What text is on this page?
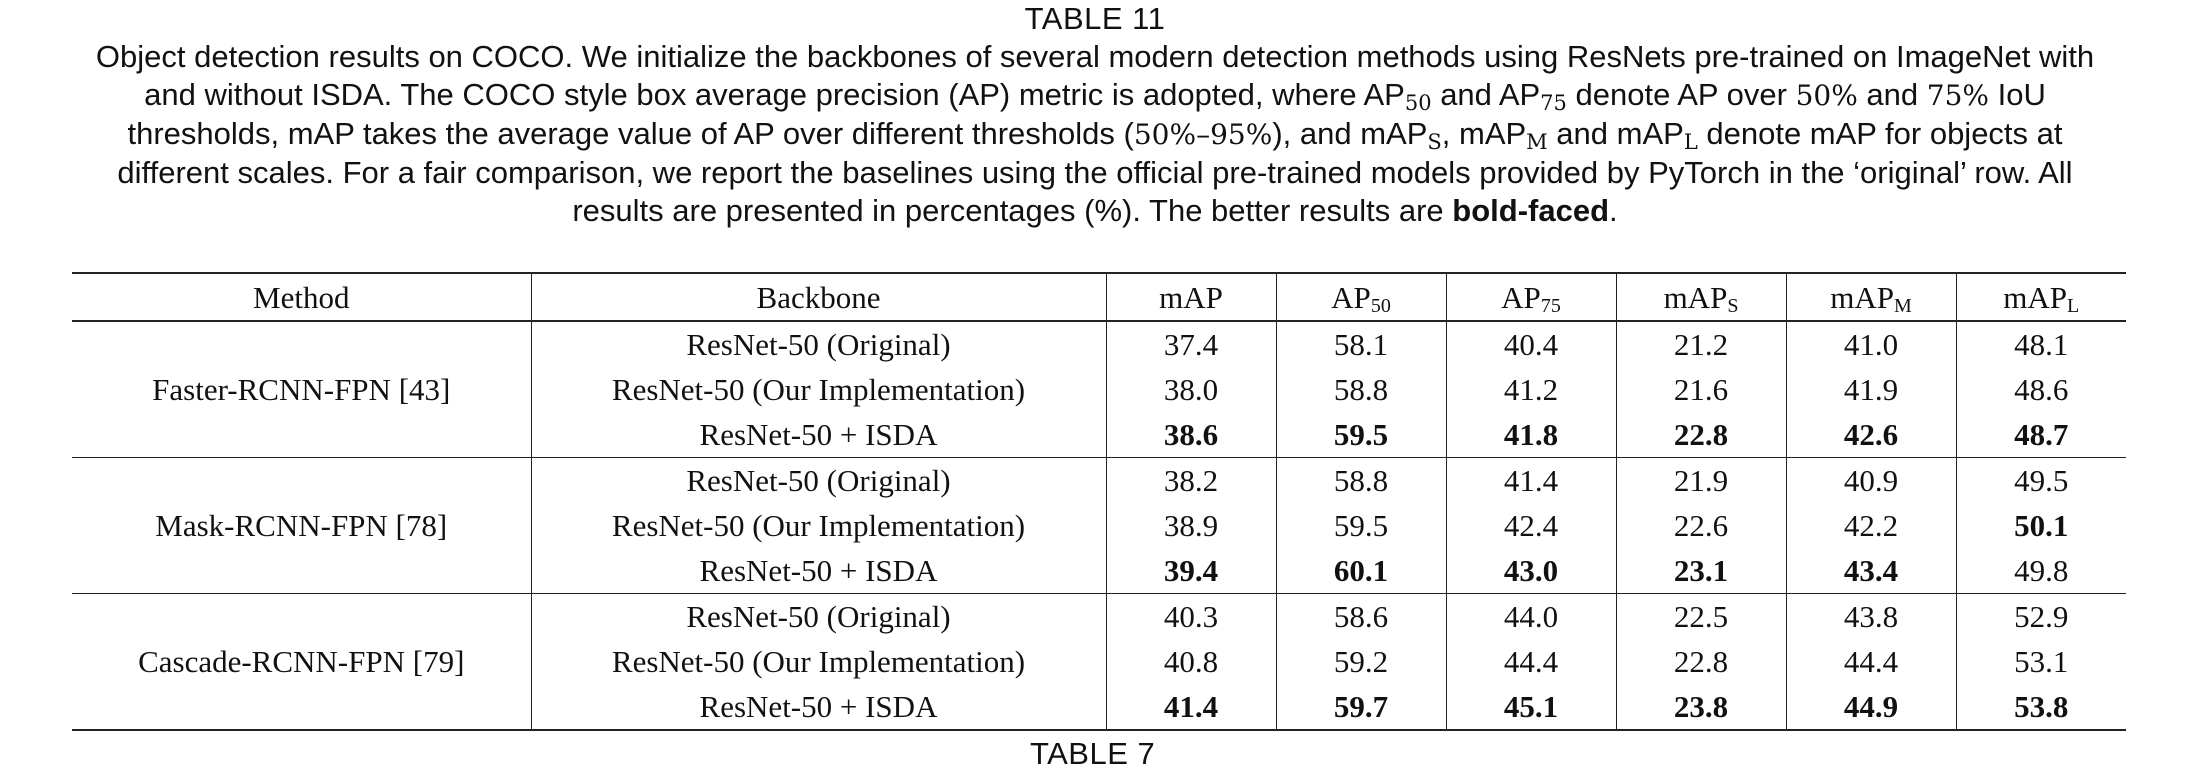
TABLE 11
Object detection results on COCO. We initialize the backbones of several modern detection methods using ResNets pre-trained on ImageNet with
and without ISDA. The COCO style box average precision (AP) metric is adopted, where $AP_{50}$ and $AP_{75}$ denote AP over 50% and 75% IoU
thresholds, mAP takes the average value of AP over different thresholds (50%–95%), and mAP$_S$, mAP$_M$ and mAP$_L$ denote mAP for objects at
different scales. For a fair comparison, we report the baselines using the official pre-trained models provided by PyTorch in the ‘original’ row. All
results are presented in percentages (%). The better results are bold-faced.
Method	Backbone	mAP	$AP_{50}$	$AP_{75}$	mAP$_S$	mAP$_M$	mAP$_L$
Faster-RCNN-FPN [43]	ResNet-50 (Original)	37.4	58.1	40.4	21.2	41.0	48.1
	ResNet-50 (Our Implementation)	38.0	58.8	41.2	21.6	41.9	48.6
	ResNet-50 + ISDA	38.6	59.5	41.8	22.8	42.6	48.7
Mask-RCNN-FPN [78]	ResNet-50 (Original)	38.2	58.8	41.4	21.9	40.9	49.5
	ResNet-50 (Our Implementation)	38.9	59.5	42.4	22.6	42.2	50.1
	ResNet-50 + ISDA	39.4	60.1	43.0	23.1	43.4	49.8
Cascade-RCNN-FPN [79]	ResNet-50 (Original)	40.3	58.6	44.0	22.5	43.8	52.9
	ResNet-50 (Our Implementation)	40.8	59.2	44.4	22.8	44.4	53.1
	ResNet-50 + ISDA	41.4	59.7	45.1	23.8	44.9	53.8
TABLE 7
